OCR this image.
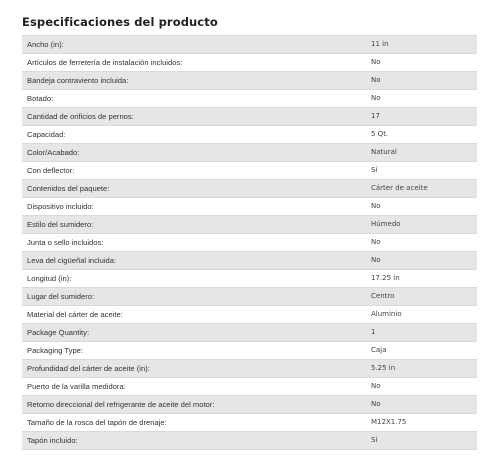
Especificaciones del producto
Ancho (in):	11 in
Artículos de ferretería de instalación incluidos:	No
Bandeja contraviento incluida:	No
Botado:	No
Cantidad de orificios de pernos:	17
Capacidad:	5 Qt.
Color/Acabado:	Natural
Con deflector:	Sí
Contenidos del paquete:	Cárter de aceite
Dispositivo incluido:	No
Estilo del sumidero:	Húmedo
Junta o sello incluidos:	No
Leva del cigüeñal incluida:	No
Longitud (in):	17.25 in
Lugar del sumidero:	Centro
Material del cárter de aceite:	Aluminio
Package Quantity:	1
Packaging Type:	Caja
Profundidad del cárter de aceite (in):	5.25 in
Puerto de la varilla medidora:	No
Retorno direccional del refrigerante de aceite del motor:	No
Tamaño de la rosca del tapón de drenaje:	M12X1.75
Tapón incluido:	Sí
